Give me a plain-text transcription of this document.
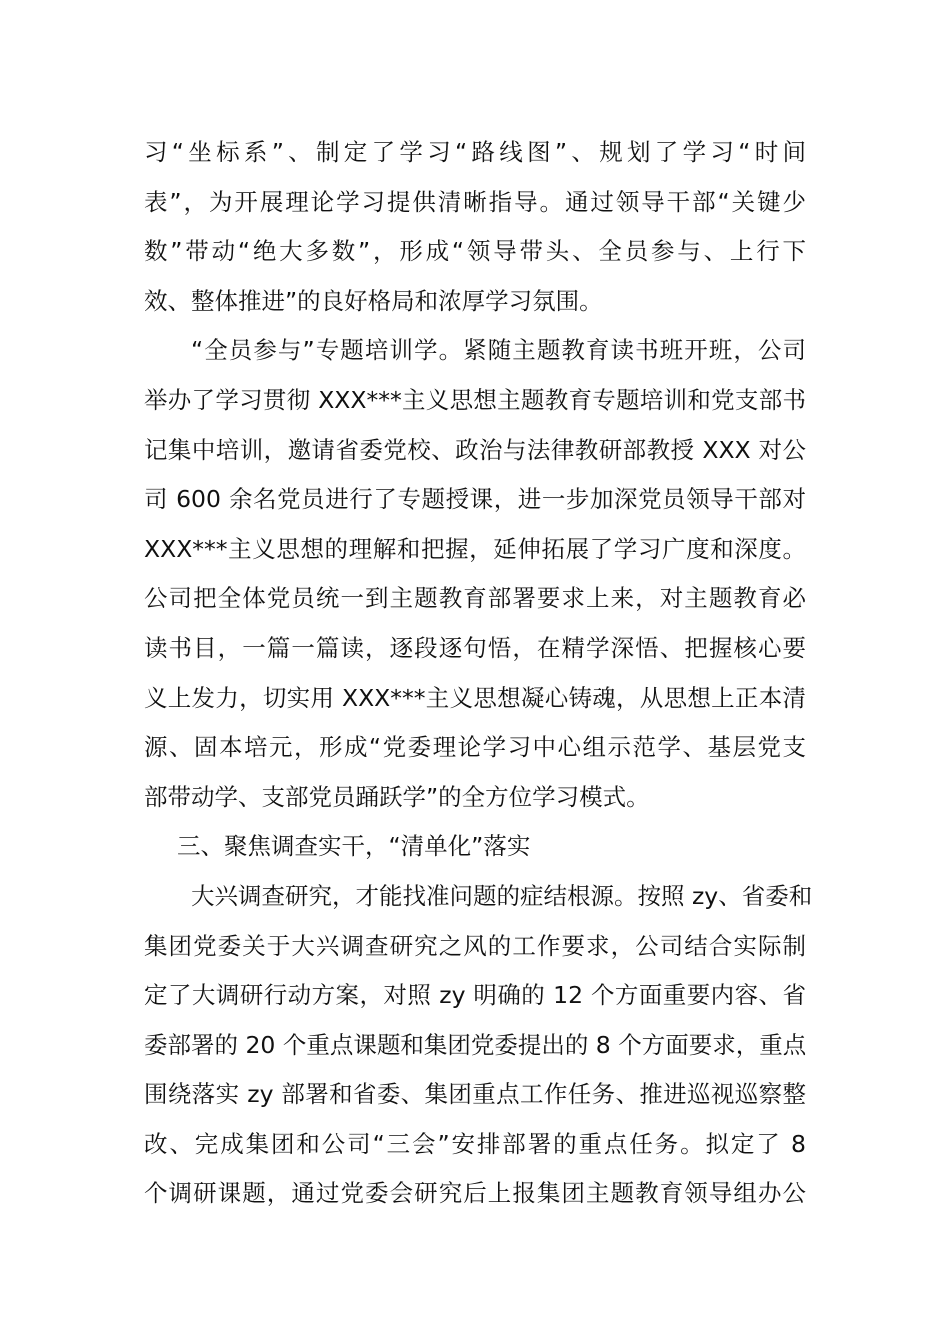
习“坐标系”、制定了学习“路线图”、规划了学习“时间
表”，为开展理论学习提供清晰指导。通过领导干部“关键少
数”带动“绝大多数”，形成“领导带头、全员参与、上行下
效、整体推进”的良好格局和浓厚学习氛围。
“全员参与”专题培训学。紧随主题教育读书班开班，公司
举办了学习贯彻 XXX***主义思想主题教育专题培训和党支部书
记集中培训，邀请省委党校、政治与法律教研部教授 XXX 对公
司 600 余名党员进行了专题授课，进一步加深党员领导干部对
XXX***主义思想的理解和把握，延伸拓展了学习广度和深度。
公司把全体党员统一到主题教育部署要求上来，对主题教育必
读书目，一篇一篇读，逐段逐句悟，在精学深悟、把握核心要
义上发力，切实用 XXX***主义思想凝心铸魂，从思想上正本清
源、固本培元，形成“党委理论学习中心组示范学、基层党支
部带动学、支部党员踊跃学”的全方位学习模式。
三、聚焦调查实干，“清单化”落实
大兴调查研究，才能找准问题的症结根源。按照 zy、省委和
集团党委关于大兴调查研究之风的工作要求，公司结合实际制
定了大调研行动方案，对照 zy 明确的 12 个方面重要内容、省
委部署的 20 个重点课题和集团党委提出的 8 个方面要求，重点
围绕落实 zy 部署和省委、集团重点工作任务、推进巡视巡察整
改、完成集团和公司“三会”安排部署的重点任务。拟定了 8
个调研课题，通过党委会研究后上报集团主题教育领导组办公
